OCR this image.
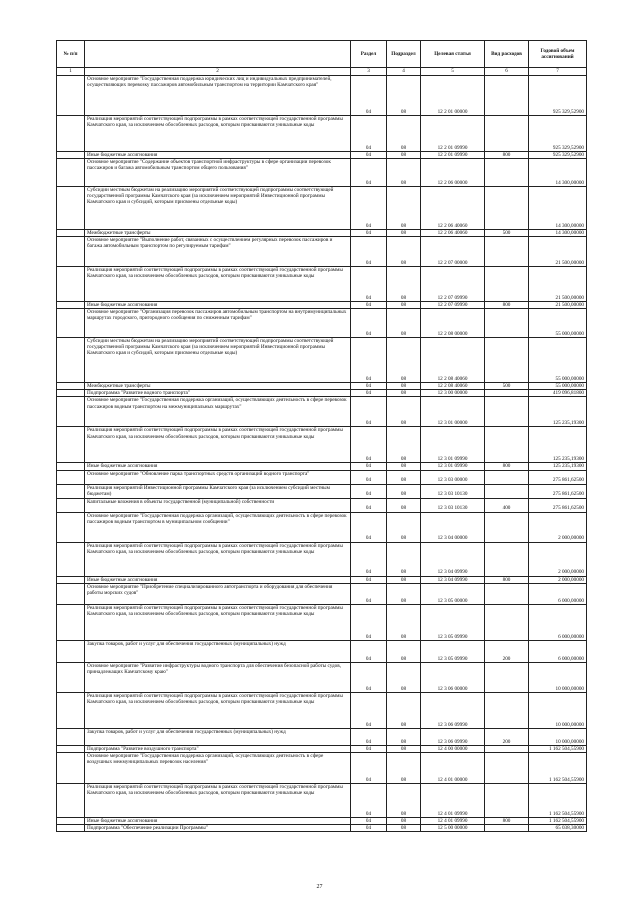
№ п/п		Раздел	Подраздел	Целевая статья	Вид расходов	Годовой объем ассигнований
1	2	3	4	5	6	7
	Основное мероприятие "Государственная поддержка юридических лиц и индивидуальных предпринимателей, осуществляющих перевозку пассажиров автомобильным транспортом на территории Камчатского края"	04	08	12 2 01 00000		925 329,52900
	Реализация мероприятий соответствующей подпрограммы в рамках соответствующей государственной программы Камчатского края, за исключением обособленных расходов, которым присваиваются уникальные коды	04	08	12 2 01 09990		925 329,52900
	Иные бюджетные ассигнования	04	08	12 2 01 09990	800	925 329,52900
	Основное мероприятие "Содержание объектов транспортной инфраструктуры в сфере организации перевозок пассажиров и багажа автомобильным транспортом общего пользования"	04	08	12 2 06 00000		14 300,00000
	Субсидии местным бюджетам на реализацию мероприятий соответствующей подпрограммы соответствующей государственной программы Камчатского края (за исключением мероприятий Инвестиционной программы Камчатского края и субсидий, которым присвоены отдельные коды)	04	08	12 2 06 40060		14 300,00000
	Межбюджетные трансферты	04	08	12 2 06 40060	500	14 300,00000
	Основное мероприятие "Выполнение работ, связанных с осуществлением регулярных перевозок пассажиров и багажа автомобильным транспортом по регулируемым тарифам"	04	08	12 2 07 00000		21 500,00000
	Реализация мероприятий соответствующей подпрограммы в рамках соответствующей государственной программы Камчатского края, за исключением обособленных расходов, которым присваиваются уникальные коды	04	08	12 2 07 09990		21 500,00000
	Иные бюджетные ассигнования	04	08	12 2 07 09990	800	21 500,00000
	Основное мероприятие "Организация перевозок пассажиров автомобильным транспортом на внутримуниципальных маршрутах городского, пригородного сообщения по сниженным тарифам"	04	08	12 2 08 00000		55 000,00000
	Субсидии местным бюджетам на реализацию мероприятий соответствующей подпрограммы соответствующей государственной программы Камчатского края (за исключением мероприятий Инвестиционной программы Камчатского края и субсидий, которым присвоены отдельные коды)	04	08	12 2 08 40060		55 000,00000
	Межбюджетные трансферты	04	08	12 2 08 40060	500	55 000,00000
	Подпрограмма "Развитие водного транспорта"	04	08	12 3 00 00000		419 096,81800
	Основное мероприятие "Государственная поддержка организаций, осуществляющих деятельность в сфере перевозок пассажиров водным транспортом на межмуниципальных маршрутах"	04	08	12 3 01 00000		125 235,19300
	Реализация мероприятий соответствующей подпрограммы в рамках соответствующей государственной программы Камчатского края, за исключением обособленных расходов, которым присваиваются уникальные коды	04	08	12 3 01 09990		125 235,19300
	Иные бюджетные ассигнования	04	08	12 3 01 09990	800	125 235,19300
	Основное мероприятие "Обновление парка транспортных средств организаций водного транспорта"	04	08	12 3 03 00000		275 861,62500
	Реализация мероприятий Инвестиционной программы Камчатского края (за исключением субсидий местным бюджетам)	04	08	12 3 03 10130		275 861,62500
	Капитальные вложения в объекты государственной (муниципальной) собственности	04	08	12 3 03 10130	400	275 861,62500
	Основное мероприятие "Государственная поддержка организаций, осуществляющих деятельность в сфере перевозок пассажиров водным транспортом в муниципальном сообщении"	04	08	12 3 04 00000		2 000,00000
	Реализация мероприятий соответствующей подпрограммы в рамках соответствующей государственной программы Камчатского края, за исключением обособленных расходов, которым присваиваются уникальные коды	04	08	12 3 04 09990		2 000,00000
	Иные бюджетные ассигнования	04	08	12 3 04 09990	800	2 000,00000
	Основное мероприятие "Приобретение специализированного автотранспорта и оборудования для обеспечения работы морских судов"	04	08	12 3 05 00000		6 000,00000
	Реализация мероприятий соответствующей подпрограммы в рамках соответствующей государственной программы Камчатского края, за исключением обособленных расходов, которым присваиваются уникальные коды	04	08	12 3 05 09990		6 000,00000
	Закупка товаров, работ и услуг для обеспечения государственных (муниципальных) нужд	04	08	12 3 05 09990	200	6 000,00000
	Основное мероприятие "Развитие инфраструктуры водного транспорта для обеспечения безопасной работы судов, принадлежащих Камчатскому краю"	04	08	12 3 06 00000		10 000,00000
	Реализация мероприятий соответствующей подпрограммы в рамках соответствующей государственной программы Камчатского края, за исключением обособленных расходов, которым присваиваются уникальные коды	04	08	12 3 06 09990		10 000,00000
	Закупка товаров, работ и услуг для обеспечения государственных (муниципальных) нужд	04	08	12 3 06 09990	200	10 000,00000
	Подпрограмма "Развитие воздушного транспорта"	04	08	12 4 00 00000		1 162 504,55900
	Основное мероприятие "Государственная поддержка организаций, осуществляющих деятельность в сфере воздушных межмуниципальных перевозок населения"	04	08	12 4 01 00000		1 162 504,55900
	Реализация мероприятий соответствующей подпрограммы в рамках соответствующей государственной программы Камчатского края, за исключением обособленных расходов, которым присваиваются уникальные коды	04	08	12 4 01 09990		1 162 504,55900
	Иные бюджетные ассигнования	04	08	12 4 01 09990	800	1 162 504,55900
	Подпрограмма "Обеспечение реализации Программы"	04	08	12 5 00 00000		65 038,30000
27
